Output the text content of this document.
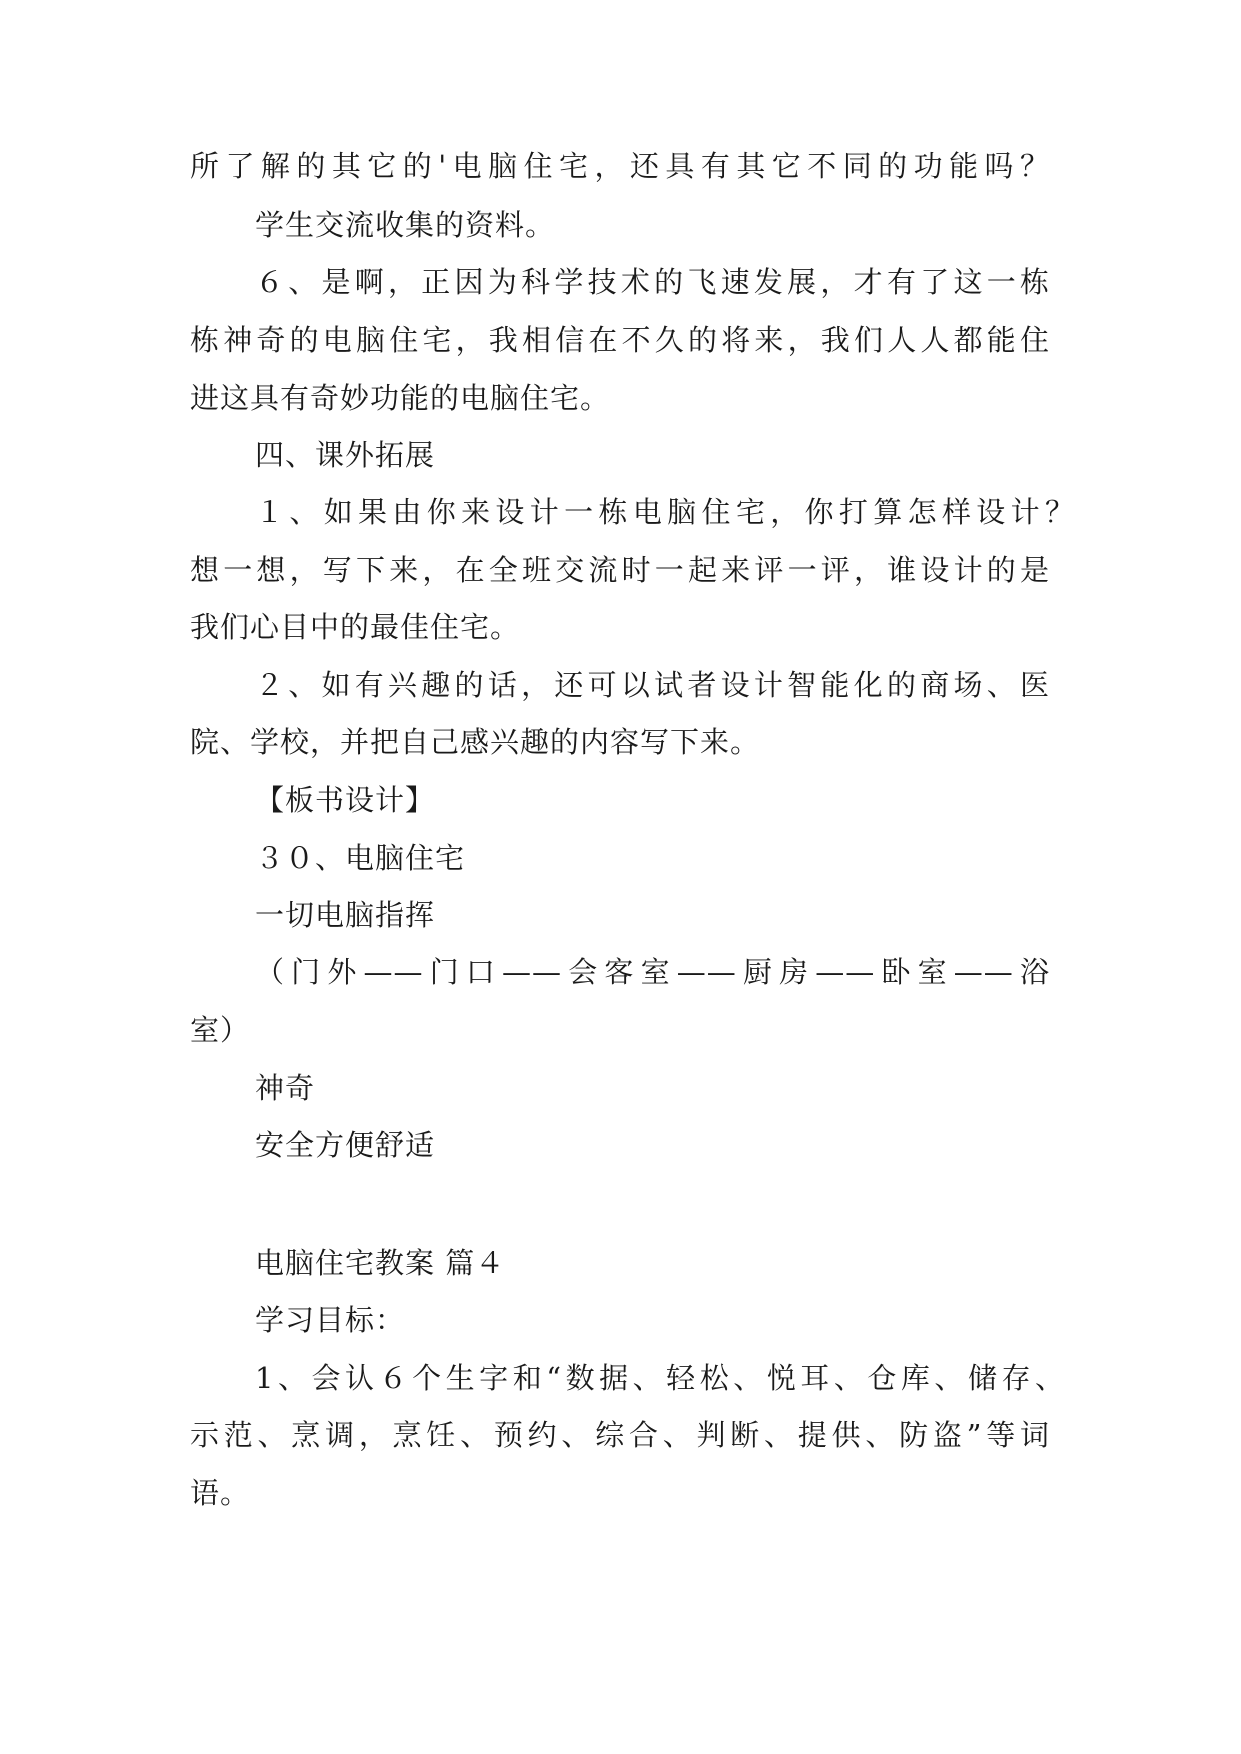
所了解的其它的'电脑住宅，还具有其它不同的功能吗？
学生交流收集的资料。
６、是啊，正因为科学技术的飞速发展，才有了这一栋
栋神奇的电脑住宅，我相信在不久的将来，我们人人都能住
进这具有奇妙功能的电脑住宅。
四、课外拓展
１、如果由你来设计一栋电脑住宅，你打算怎样设计？
想一想，写下来，在全班交流时一起来评一评，谁设计的是
我们心目中的最佳住宅。
２、如有兴趣的话，还可以试者设计智能化的商场、医
院、学校，并把自己感兴趣的内容写下来。
【板书设计】
３０、电脑住宅
一切电脑指挥
（门外——门口——会客室——厨房——卧室——浴
室）
神奇
安全方便舒适
电脑住宅教案 篇４
学习目标：
1、会认６个生字和“数据、轻松、悦耳、仓库、储存、
示范、烹调，烹饪、预约、综合、判断、提供、防盗”等词
语。
